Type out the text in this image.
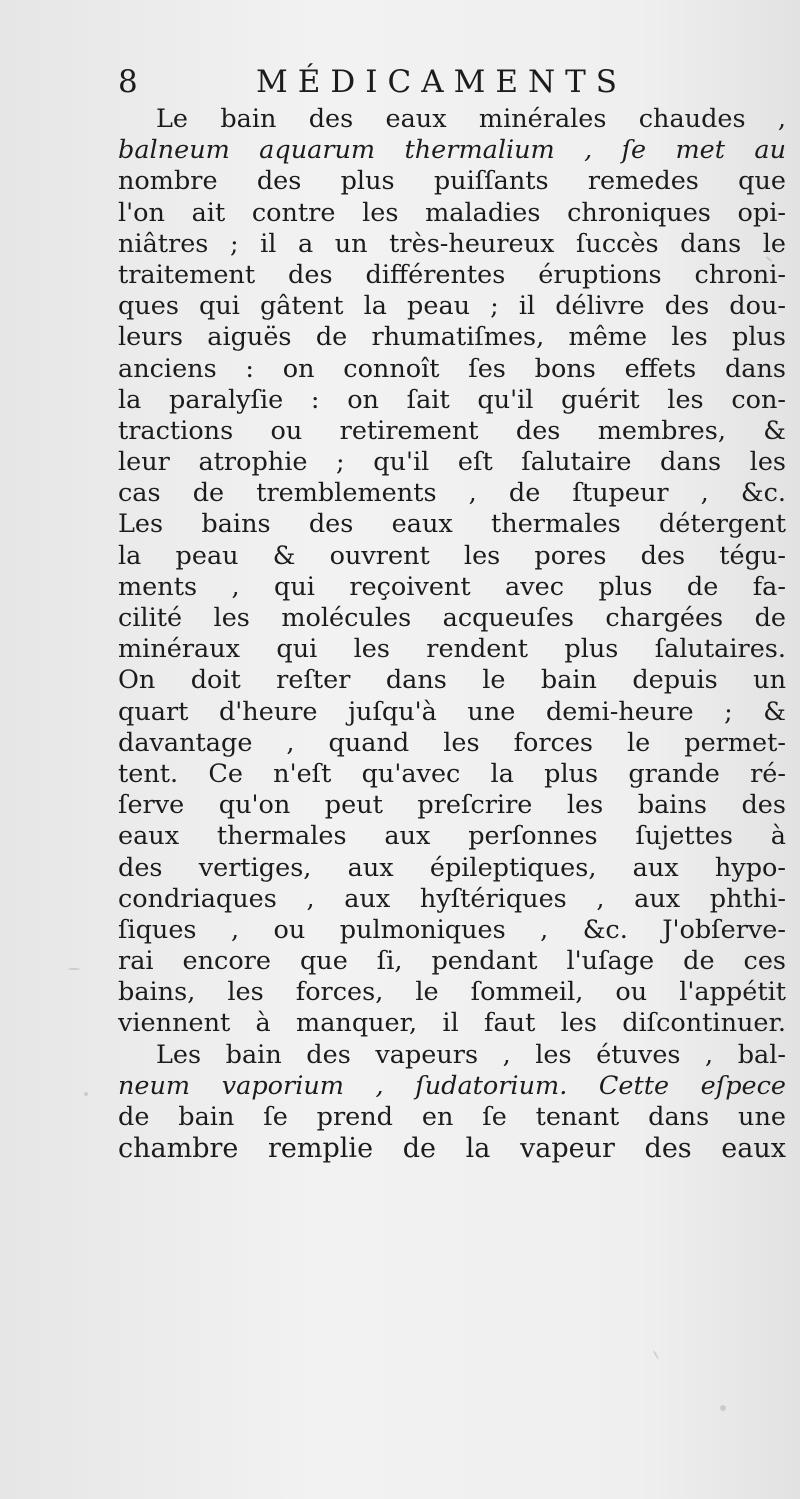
8	MÉDICAMENTS
Le bain des eaux minérales chaudes ,
balneum aquarum thermalium , ſe met au
nombre des plus puiſſants remedes que
l'on ait contre les maladies chroniques opi-
niâtres ; il a un très-heureux ſuccès dans le
traitement des différentes éruptions chroni-
ques qui gâtent la peau ; il délivre des dou-
leurs aiguës de rhumatiſmes, même les plus
anciens : on connoît ſes bons effets dans
la paralyſie : on ſait qu'il guérit les con-
tractions ou retirement des membres, &
leur atrophie ; qu'il eſt ſalutaire dans les
cas de tremblements , de ſtupeur , &c.
Les bains des eaux thermales détergent
la peau & ouvrent les pores des tégu-
ments , qui reçoivent avec plus de fa-
cilité les molécules acqueuſes chargées de
minéraux qui les rendent plus ſalutaires.
On doit reſter dans le bain depuis un
quart d'heure juſqu'à une demi-heure ; &
davantage , quand les forces le permet-
tent. Ce n'eſt qu'avec la plus grande ré-
ſerve qu'on peut preſcrire les bains des
eaux thermales aux perſonnes ſujettes à
des vertiges, aux épileptiques, aux hypo-
condriaques , aux hyſtériques , aux phthi-
ſiques , ou pulmoniques , &c. J'obſerve-
rai encore que ſi, pendant l'uſage de ces
bains, les forces, le ſommeil, ou l'appétit
viennent à manquer, il faut les diſcontinuer.
Les bain des vapeurs , les étuves , bal-
neum vaporium , ſudatorium. Cette eſpece
de bain ſe prend en ſe tenant dans une
chambre remplie de la vapeur des eaux
